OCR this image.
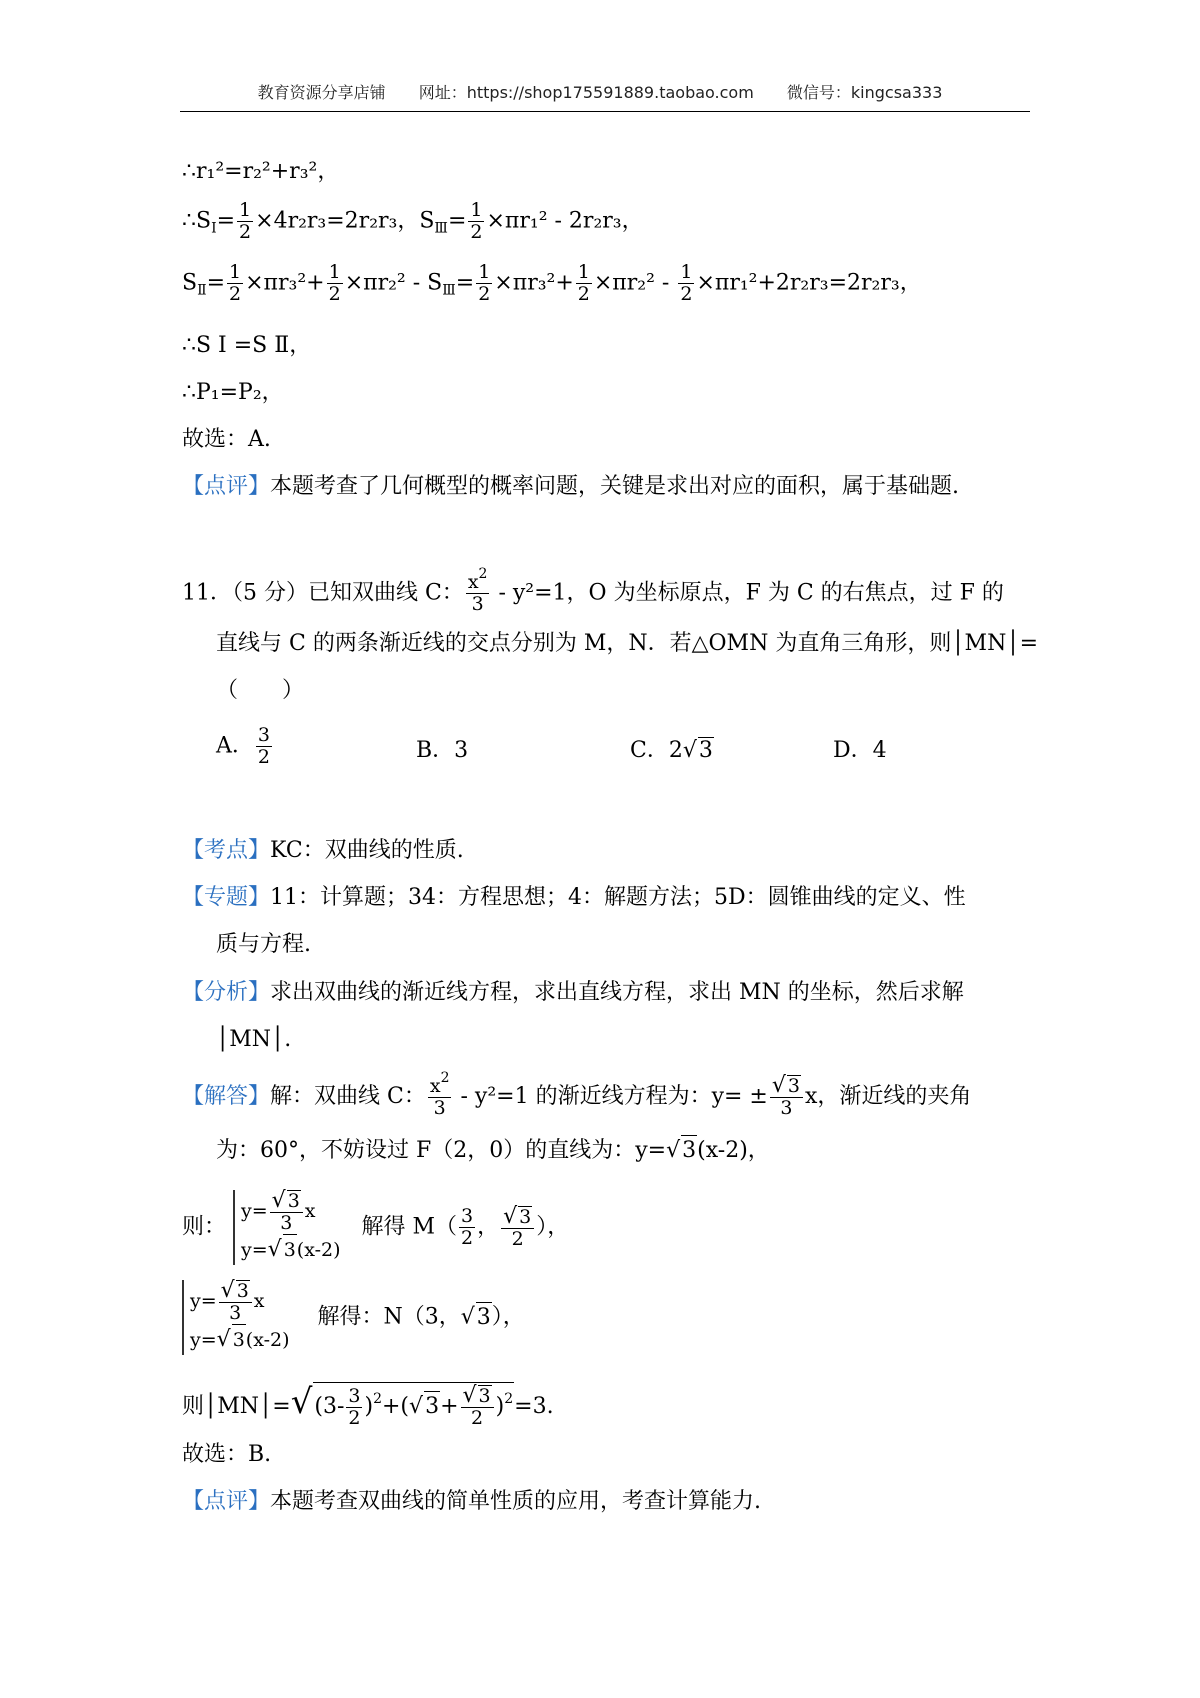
教育资源分享店铺 网址：https://shop175591889.taobao.com 微信号：kingcsa333
∴r₁²=r₂²+r₃²，
$\therefore S_Ⅰ= \frac{1}{2} \times 4r_2r_3=2r_2r_3$，$S_Ⅲ= \frac{1}{2} \times\pi r_1^2 - 2r_2r_3$，
$S_Ⅱ= \frac{1}{2} \times\pi r_3^2+ \frac{1}{2} \times\pi r_2^2 - S_Ⅲ= \frac{1}{2} \times\pi r_3^2+ \frac{1}{2} \times\pi r_2^2 - \frac{1}{2} \times\pi r_1^2+2r_2r_3=2r_2r_3$，
∴S Ⅰ =S Ⅱ，
∴P₁=P₂，
故选：A.
【点评】本题考查了几何概型的概率问题，关键是求出对应的面积，属于基础题.
11．（5 分）已知双曲线 C： $\frac{x^2}{3} - y^2=1$，O 为坐标原点，F 为 C 的右焦点，过 F 的
直线与 C 的两条渐近线的交点分别为 M，N．若△OMN 为直角三角形，则│MN│=
（　　）
A． $\frac{3}{2}$	B．3	C．2√3	D．4
【考点】KC：双曲线的性质.
【专题】11：计算题；34：方程思想；4：解题方法；5D：圆锥曲线的定义、性
质与方程.
【分析】求出双曲线的渐近线方程，求出直线方程，求出 MN 的坐标，然后求解
│MN│.
【解答】解：双曲线 C： $\frac{x^2}{3} - y^2=1$ 的渐近线方程为：$y= \pm \frac{√ 3}{3}$ x，渐近线的夹角
为：60°，不妨设过 F（2，0）的直线为：y=√3(x-2)，
则：
$y= \frac{√ 3}{3}$ x
y=√ 3(x-2)
解得 $M( \frac{3}{2}$ ， $\frac{√ 3}{2}$ ），
$y= \frac{√ 3}{3}$ x
y=√ 3(x-2)
解得：N（3，√3），
则│MN│=√(3- $\frac{3}{2} )^2+(√3+ \frac{√ 3}{2} )^2=3$.
故选：B.
【点评】本题考查双曲线的简单性质的应用，考查计算能力.
